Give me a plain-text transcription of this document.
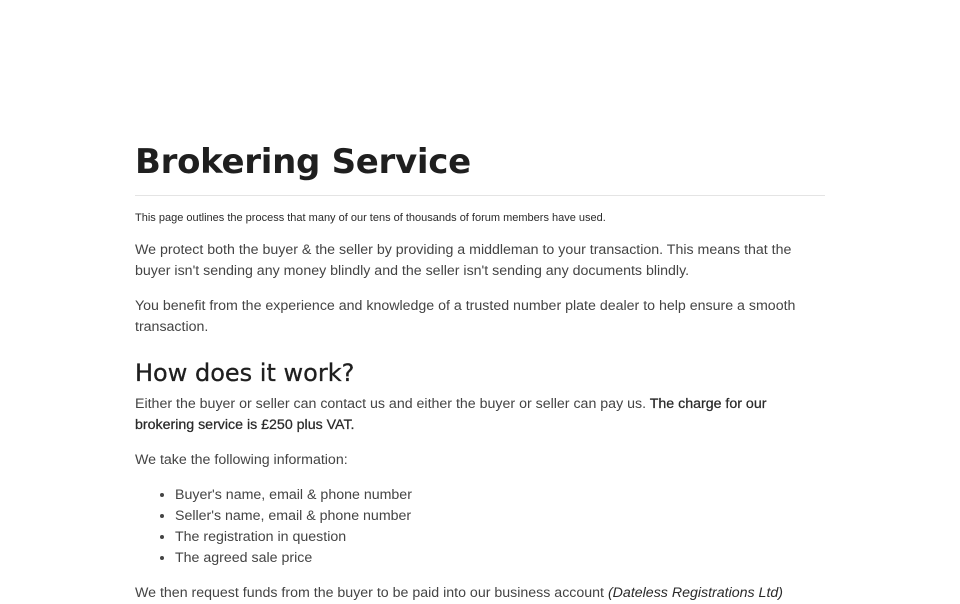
Brokering Service

This page outlines the process that many of our tens of thousands of forum members have used.

We protect both the buyer & the seller by providing a middleman to your transaction. This means that the buyer isn't sending any money blindly and the seller isn't sending any documents blindly.

You benefit from the experience and knowledge of a trusted number plate dealer to help ensure a smooth transaction.

How does it work?

Either the buyer or seller can contact us and either the buyer or seller can pay us. The charge for our brokering service is £250 plus VAT.

We take the following information:

• Buyer's name, email & phone number
• Seller's name, email & phone number
• The registration in question
• The agreed sale price

We then request funds from the buyer to be paid into our business account (Dateless Registrations Ltd)
